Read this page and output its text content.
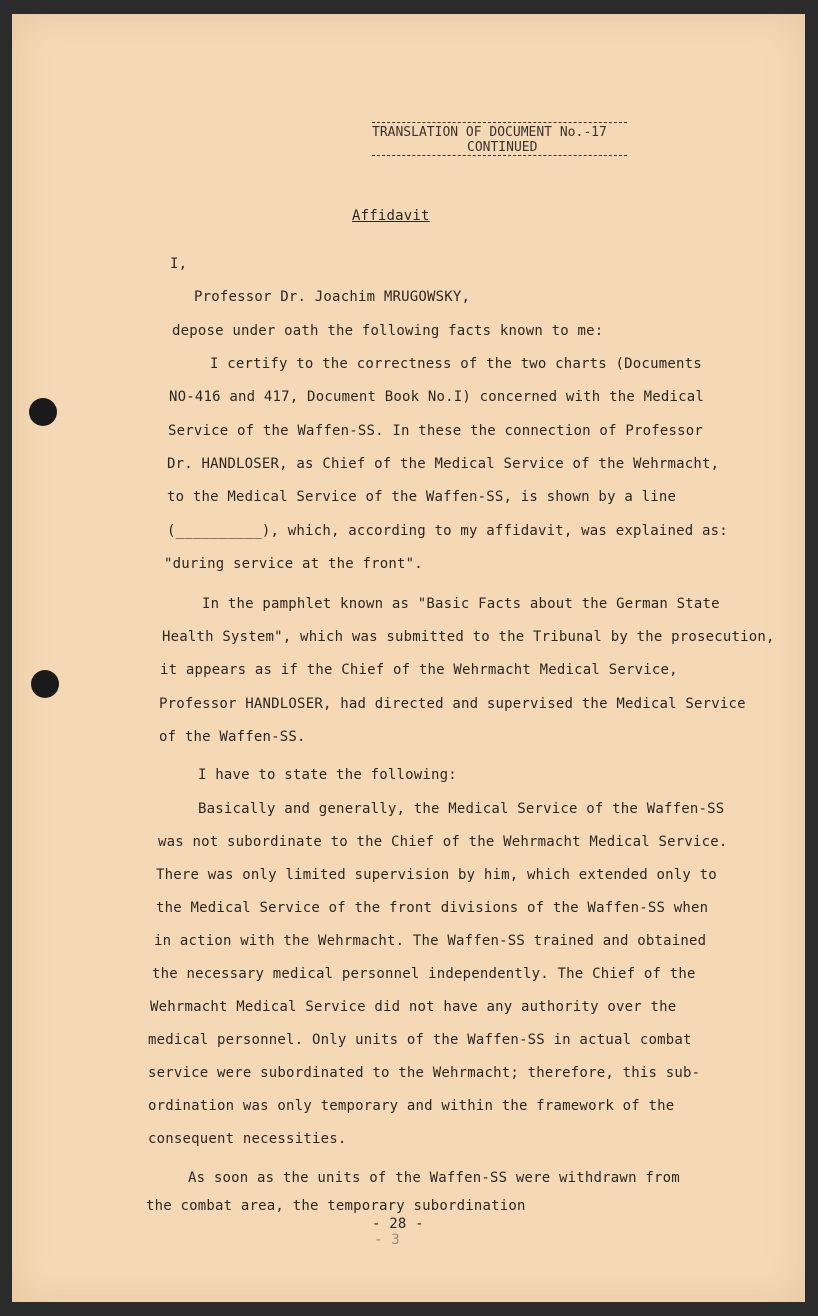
TRANSLATION OF DOCUMENT No.-17
CONTINUED
Affidavit
I,
Professor Dr. Joachim MRUGOWSKY,
depose under oath the following facts known to me:
I certify to the correctness of the two charts (Documents
NO-416 and 417, Document Book No.I) concerned with the Medical
Service of the Waffen-SS. In these the connection of Professor
Dr. HANDLOSER, as Chief of the Medical Service of the Wehrmacht,
to the Medical Service of the Waffen-SS, is shown by a line
(__________), which, according to my affidavit, was explained as:
"during service at the front".
In the pamphlet known as "Basic Facts about the German State
Health System", which was submitted to the Tribunal by the prosecution,
it appears as if the Chief of the Wehrmacht Medical Service,
Professor HANDLOSER, had directed and supervised the Medical Service
of the Waffen-SS.
I have to state the following:
Basically and generally, the Medical Service of the Waffen-SS
was not subordinate to the Chief of the Wehrmacht Medical Service.
There was only limited supervision by him, which extended only to
the Medical Service of the front divisions of the Waffen-SS when
in action with the Wehrmacht. The Waffen-SS trained and obtained
the necessary medical personnel independently. The Chief of the
Wehrmacht Medical Service did not have any authority over the
medical personnel. Only units of the Waffen-SS in actual combat
service were subordinated to the Wehrmacht; therefore, this sub-
ordination was only temporary and within the framework of the
consequent necessities.
As soon as the units of the Waffen-SS were withdrawn from
the combat area, the temporary subordination
- 28 -
- 3
